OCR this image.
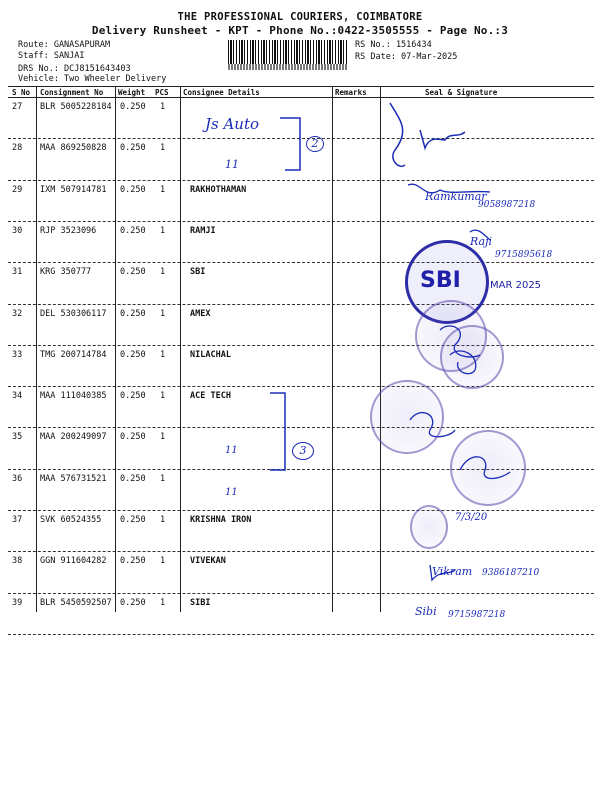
THE PROFESSIONAL COURIERS, COIMBATORE
Delivery Runsheet - KPT - Phone No.:0422-3505555 - Page No.:3
Route: GANASAPURAM
Staff: SANJAI
DRS No.: DCJ8151643403
Vehicle: Two Wheeler Delivery
RS No.: 1516434
RS Date: 07-Mar-2025
S No Consignment No Weight PCS Consignee Details	Remarks	Seal & Signature
27 BLR 5005228184 0.250 1
28 MAA 869250828 0.250 1
29 IXM 507914781 0.250 1	RAKHOTHAMAN
30 RJP 3523096	0.250 1	RAMJI
31 KRG 350777	0.250 1	SBI
32 DEL 530306117 0.250 1	AMEX
33 TMG 200714784 0.250 1	NILACHAL
34 MAA 111040385 0.250 1	ACE TECH
35 MAA 200249097 0.250 1
36 MAA 576731521 0.250 1
37 SVK 60524355 0.250 1	KRISHNA IRON
38 GGN 911604282 0.250 1	VIVEKAN
39 BLR 5450592507 0.250 1	SIBI
SBI	MAR 2025
Js Auto
2
11
3
11
11
Ramkumar
9058987218
Raji
9715895618
7/3/20
Vikram 9386187210
Sibi 9715987218
